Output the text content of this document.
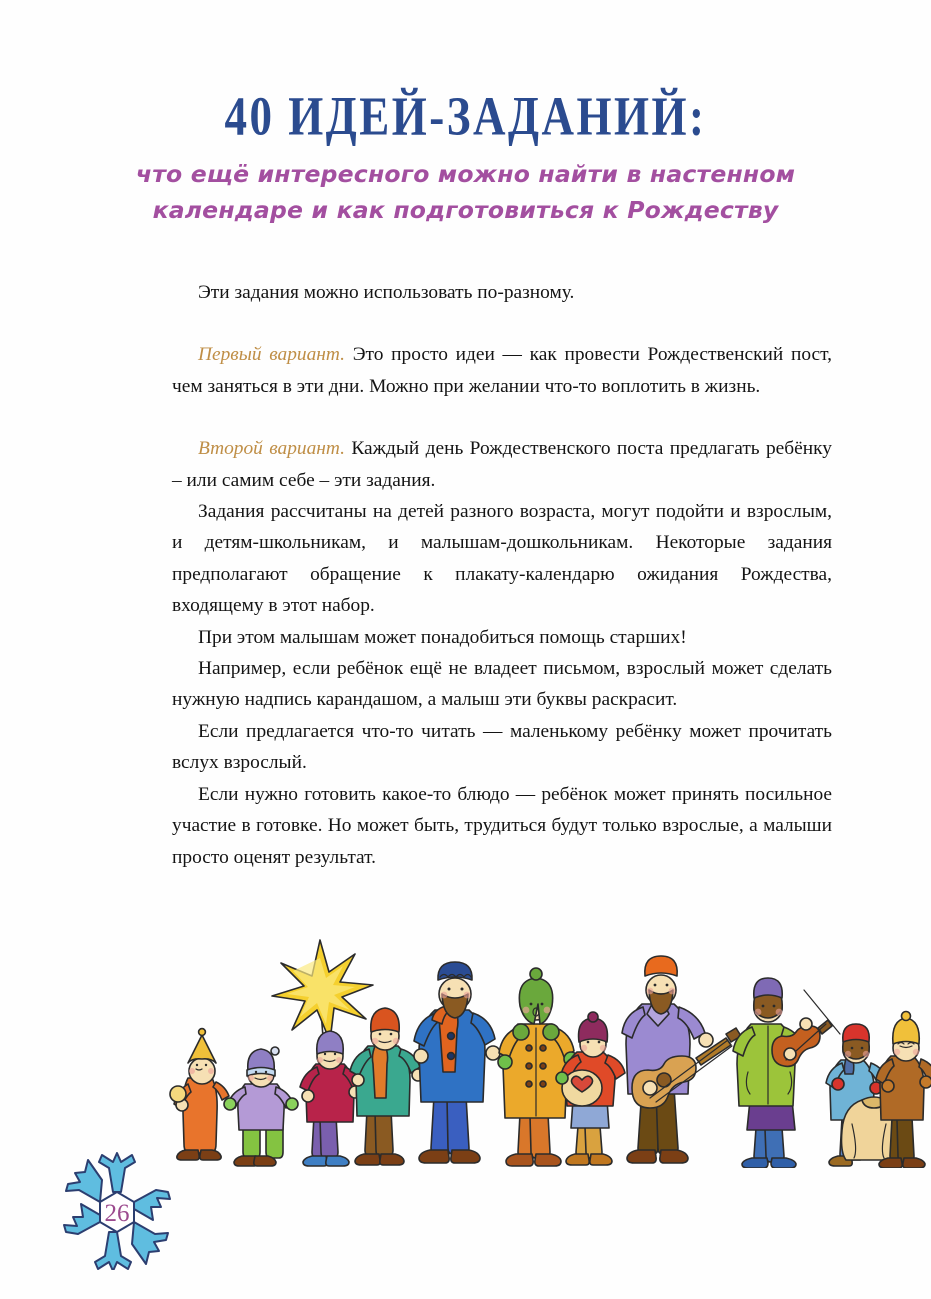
40 ИДЕЙ-ЗАДАНИЙ:
что ещё интересного можно найти в настенном
календаре и как подготовиться к Рождеству

Эти задания можно использовать по-разному.

Первый вариант. Это просто идеи — как провести Рождественский пост, чем заняться в эти дни. Можно при желании что-то воплотить в жизнь.

Второй вариант. Каждый день Рождественского поста предлагать ребёнку – или самим себе – эти задания.

Задания рассчитаны на детей разного возраста, могут подойти и взрослым, и детям-школьникам, и малышам-дошкольникам. Некоторые задания предполагают обращение к плакату-календарю ожидания Рождества, входящему в этот набор.

При этом малышам может понадобиться помощь старших!

Например, если ребёнок ещё не владеет письмом, взрослый может сделать нужную надпись карандашом, а малыш эти буквы раскрасит.

Если предлагается что-то читать — маленькому ребёнку может прочитать вслух взрослый.

Если нужно готовить какое-то блюдо — ребёнок может принять посильное участие в готовке. Но может быть, трудиться будут только взрослые, а малыши просто оценят результат.

26
